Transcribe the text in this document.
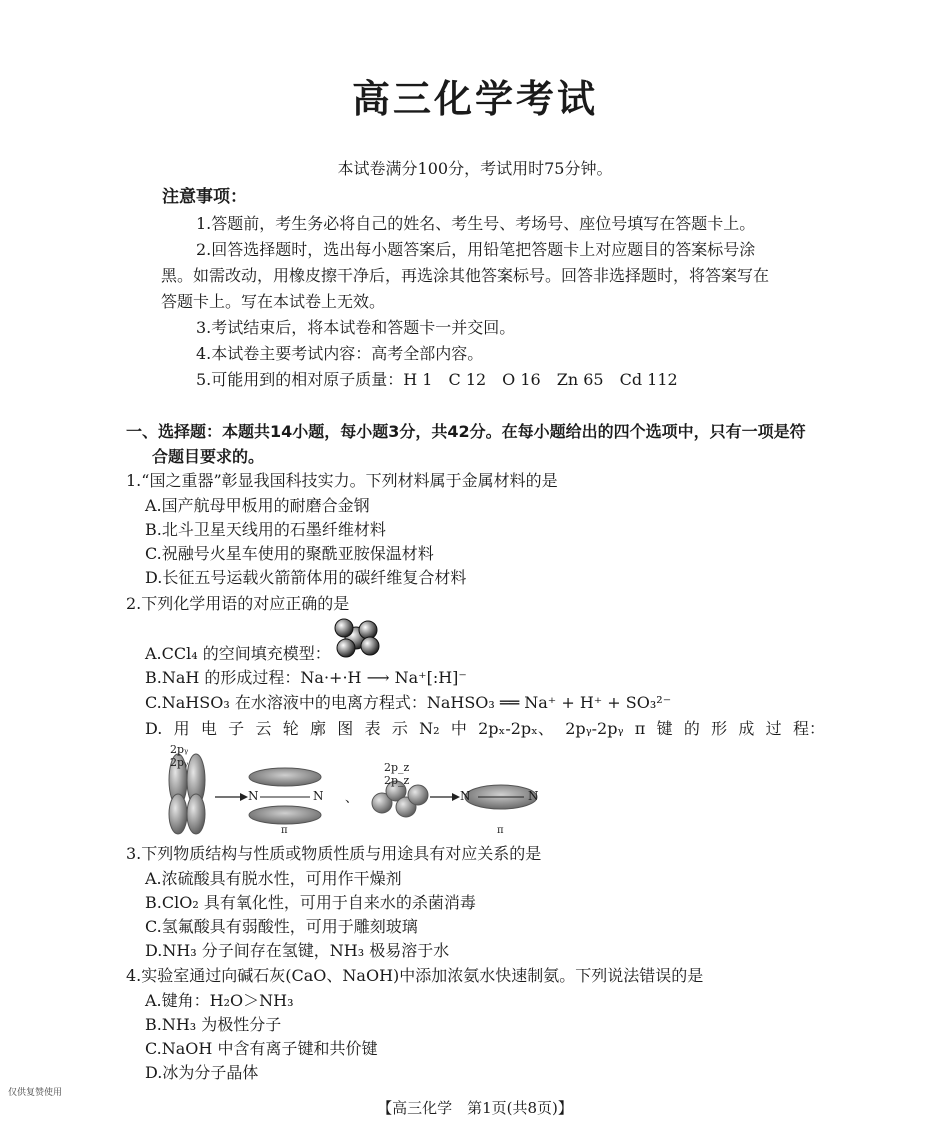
高三化学考试
本试卷满分100分，考试用时75分钟。
注意事项：
1.答题前，考生务必将自己的姓名、考生号、考场号、座位号填写在答题卡上。
2.回答选择题时，选出每小题答案后，用铅笔把答题卡上对应题目的答案标号涂
黑。如需改动，用橡皮擦干净后，再选涂其他答案标号。回答非选择题时，将答案写在
答题卡上。写在本试卷上无效。
3.考试结束后，将本试卷和答题卡一并交回。
4.本试卷主要考试内容：高考全部内容。
5.可能用到的相对原子质量：H 1　C 12　O 16　Zn 65　Cd 112
一、选择题：本题共14小题，每小题3分，共42分。在每小题给出的四个选项中，只有一项是符
合题目要求的。
1.“国之重器”彰显我国科技实力。下列材料属于金属材料的是
A.国产航母甲板用的耐磨合金钢
B.北斗卫星天线用的石墨纤维材料
C.祝融号火星车使用的聚酰亚胺保温材料
D.长征五号运载火箭箭体用的碳纤维复合材料
2.下列化学用语的对应正确的是
A.CCl₄ 的空间填充模型：
B.NaH 的形成过程：Na·+·H ⟶ Na⁺[:H]⁻
C.NaHSO₃ 在水溶液中的电离方程式：NaHSO₃ ══ Na⁺ + H⁺ + SO₃²⁻
D. 用 电 子 云 轮 廓 图 表 示 N₂ 中 2pₓ-2pₓ、 2pᵧ-2pᵧ π 键 的 形 成 过 程：
2pᵧ 2pᵧ	2p_z 2p_z
N	N
π
、	N	N
π
3.下列物质结构与性质或物质性质与用途具有对应关系的是
A.浓硫酸具有脱水性，可用作干燥剂
B.ClO₂ 具有氧化性，可用于自来水的杀菌消毒
C.氢氟酸具有弱酸性，可用于雕刻玻璃
D.NH₃ 分子间存在氢键，NH₃ 极易溶于水
4.实验室通过向碱石灰(CaO、NaOH)中添加浓氨水快速制氨。下列说法错误的是
A.键角：H₂O＞NH₃
B.NH₃ 为极性分子
C.NaOH 中含有离子键和共价键
D.冰为分子晶体
仅供复赞使用
【高三化学　第1页(共8页)】
